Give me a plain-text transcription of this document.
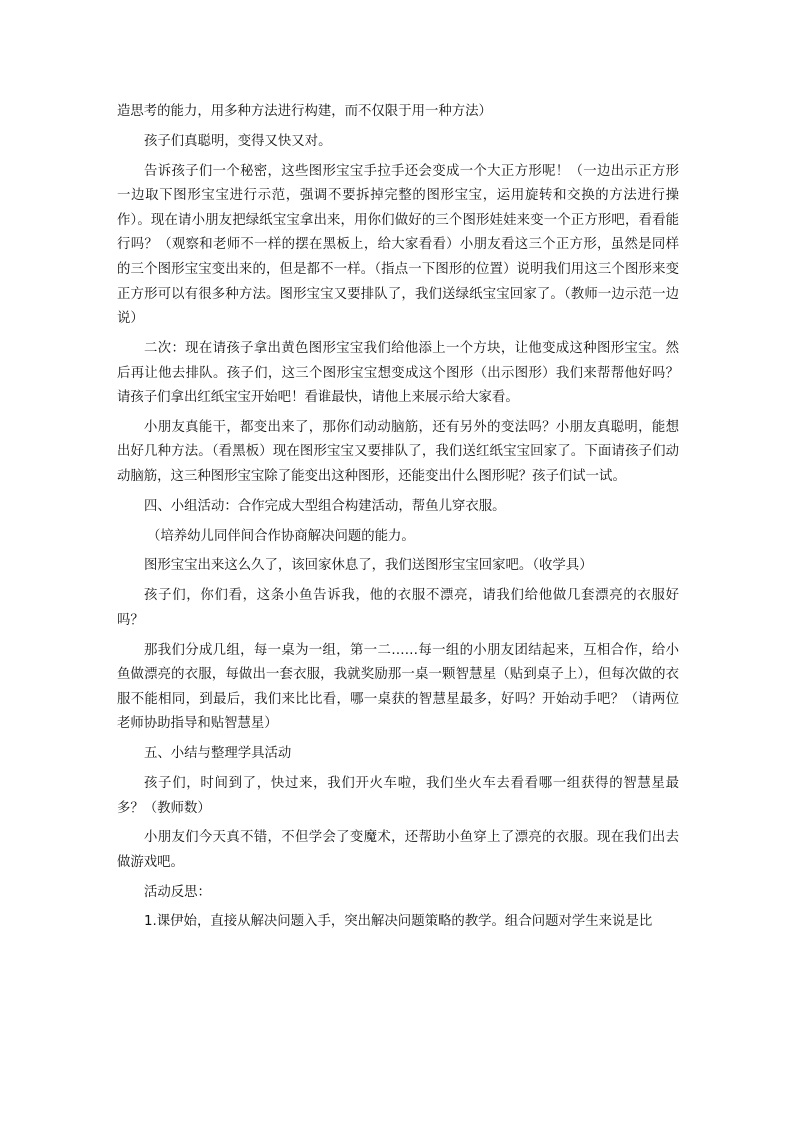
造思考的能力，用多种方法进行构建，而不仅限于用一种方法）

孩子们真聪明，变得又快又对。

告诉孩子们一个秘密，这些图形宝宝手拉手还会变成一个大正方形呢！（一边出示正方形一边取下图形宝宝进行示范，强调不要拆掉完整的图形宝宝，运用旋转和交换的方法进行操作）。现在请小朋友把绿纸宝宝拿出来，用你们做好的三个图形娃娃来变一个正方形吧，看看能行吗？（观察和老师不一样的摆在黑板上，给大家看看）小朋友看这三个正方形，虽然是同样的三个图形宝宝变出来的，但是都不一样。（指点一下图形的位置）说明我们用这三个图形来变正方形可以有很多种方法。图形宝宝又要排队了，我们送绿纸宝宝回家了。（教师一边示范一边说）

二次：现在请孩子拿出黄色图形宝宝我们给他添上一个方块，让他变成这种图形宝宝。然后再让他去排队。孩子们，这三个图形宝宝想变成这个图形（出示图形）我们来帮帮他好吗？请孩子们拿出红纸宝宝开始吧！看谁最快，请他上来展示给大家看。

小朋友真能干，都变出来了，那你们动动脑筋，还有另外的变法吗？小朋友真聪明，能想出好几种方法。（看黑板）现在图形宝宝又要排队了，我们送红纸宝宝回家了。下面请孩子们动动脑筋，这三种图形宝宝除了能变出这种图形，还能变出什么图形呢？孩子们试一试。

四、小组活动：合作完成大型组合构建活动，帮鱼儿穿衣服。

（培养幼儿同伴间合作协商解决问题的能力。

图形宝宝出来这么久了，该回家休息了，我们送图形宝宝回家吧。（收学具）

孩子们，你们看，这条小鱼告诉我，他的衣服不漂亮，请我们给他做几套漂亮的衣服好吗？

那我们分成几组，每一桌为一组，第一二……每一组的小朋友团结起来，互相合作，给小鱼做漂亮的衣服，每做出一套衣服，我就奖励那一桌一颗智慧星（贴到桌子上），但每次做的衣服不能相同，到最后，我们来比比看，哪一桌获的智慧星最多，好吗？开始动手吧？（请两位老师协助指导和贴智慧星）

五、小结与整理学具活动

孩子们，时间到了，快过来，我们开火车啦，我们坐火车去看看哪一组获得的智慧星最多？（教师数）

小朋友们今天真不错，不但学会了变魔术，还帮助小鱼穿上了漂亮的衣服。现在我们出去做游戏吧。

活动反思：

1.课伊始，直接从解决问题入手，突出解决问题策略的教学。组合问题对学生来说是比
